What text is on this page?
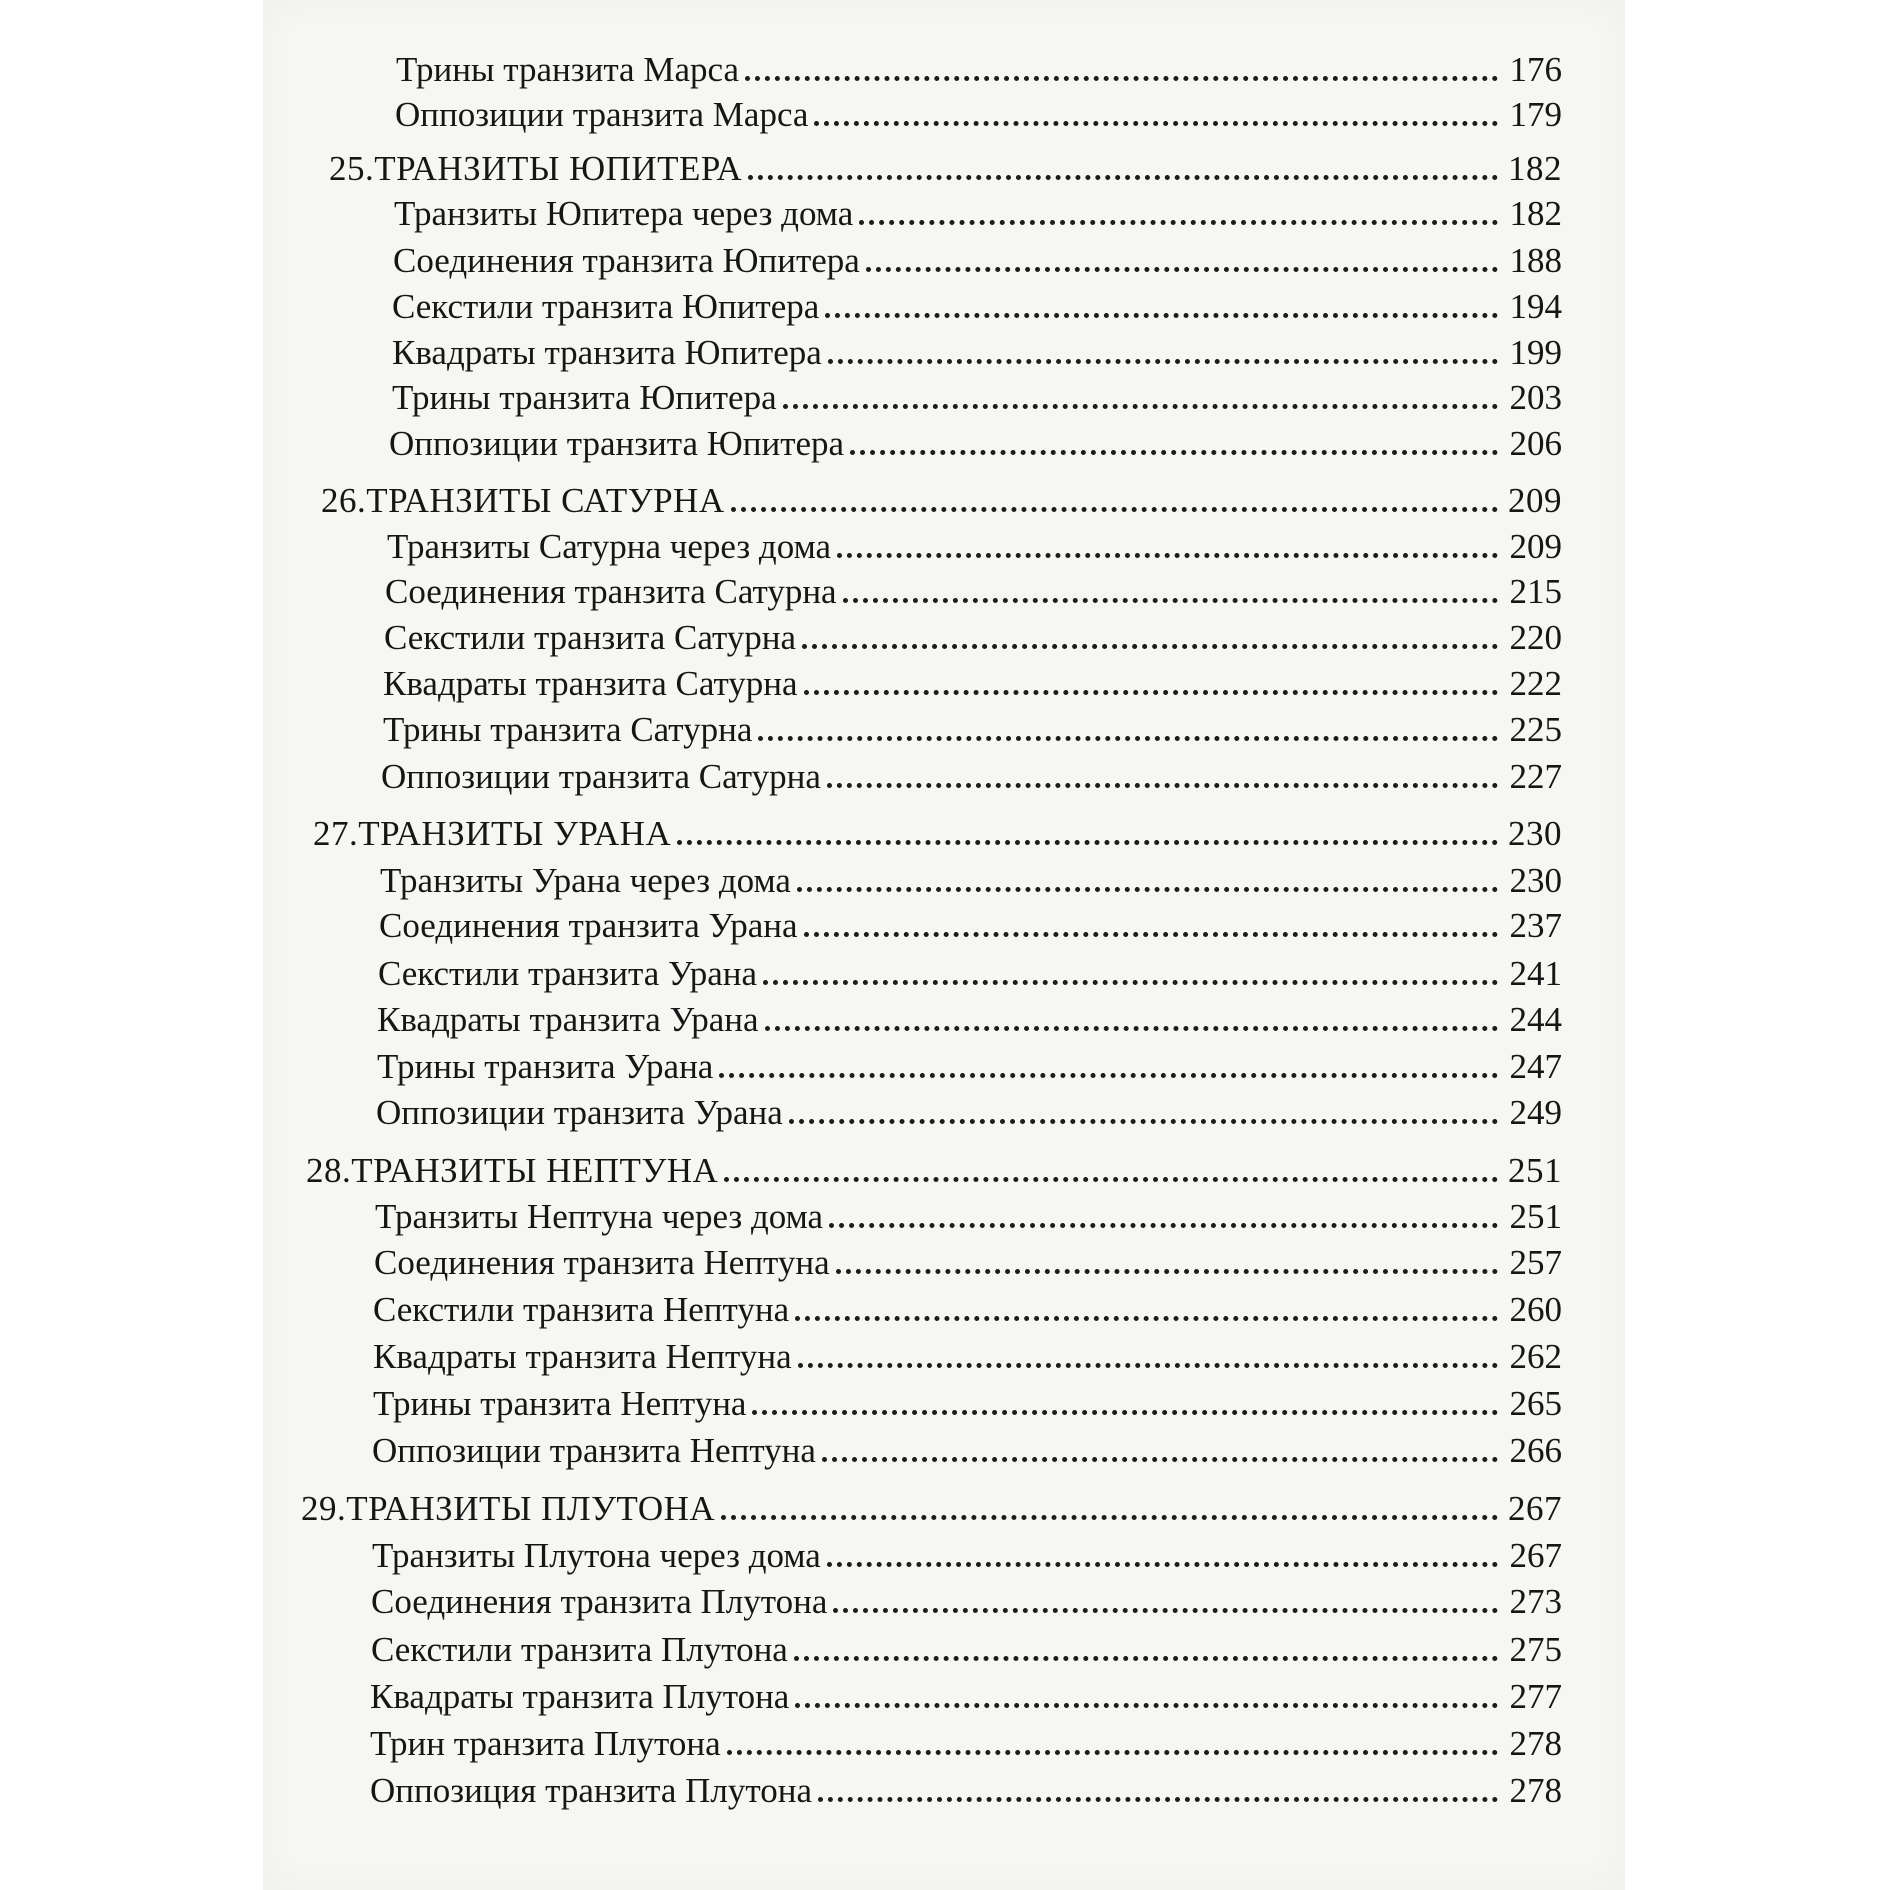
Трины транзита Марса	176
Оппозиции транзита Марса	179
25.ТРАНЗИТЫ ЮПИТЕРА	182
Транзиты Юпитера через дома	182
Соединения транзита Юпитера	188
Секстили транзита Юпитера	194
Квадраты транзита Юпитера	199
Трины транзита Юпитера	203
Оппозиции транзита Юпитера	206
26.ТРАНЗИТЫ САТУРНА	209
Транзиты Сатурна через дома	209
Соединения транзита Сатурна	215
Секстили транзита Сатурна	220
Квадраты транзита Сатурна	222
Трины транзита Сатурна	225
Оппозиции транзита Сатурна	227
27.ТРАНЗИТЫ УРАНА	230
Транзиты Урана через дома	230
Соединения транзита Урана	237
Секстили транзита Урана	241
Квадраты транзита Урана	244
Трины транзита Урана	247
Оппозиции транзита Урана	249
28.ТРАНЗИТЫ НЕПТУНА	251
Транзиты Нептуна через дома	251
Соединения транзита Нептуна	257
Секстили транзита Нептуна	260
Квадраты транзита Нептуна	262
Трины транзита Нептуна	265
Оппозиции транзита Нептуна	266
29.ТРАНЗИТЫ ПЛУТОНА	267
Транзиты Плутона через дома	267
Соединения транзита Плутона	273
Секстили транзита Плутона	275
Квадраты транзита Плутона	277
Трин транзита Плутона	278
Оппозиция транзита Плутона	278
